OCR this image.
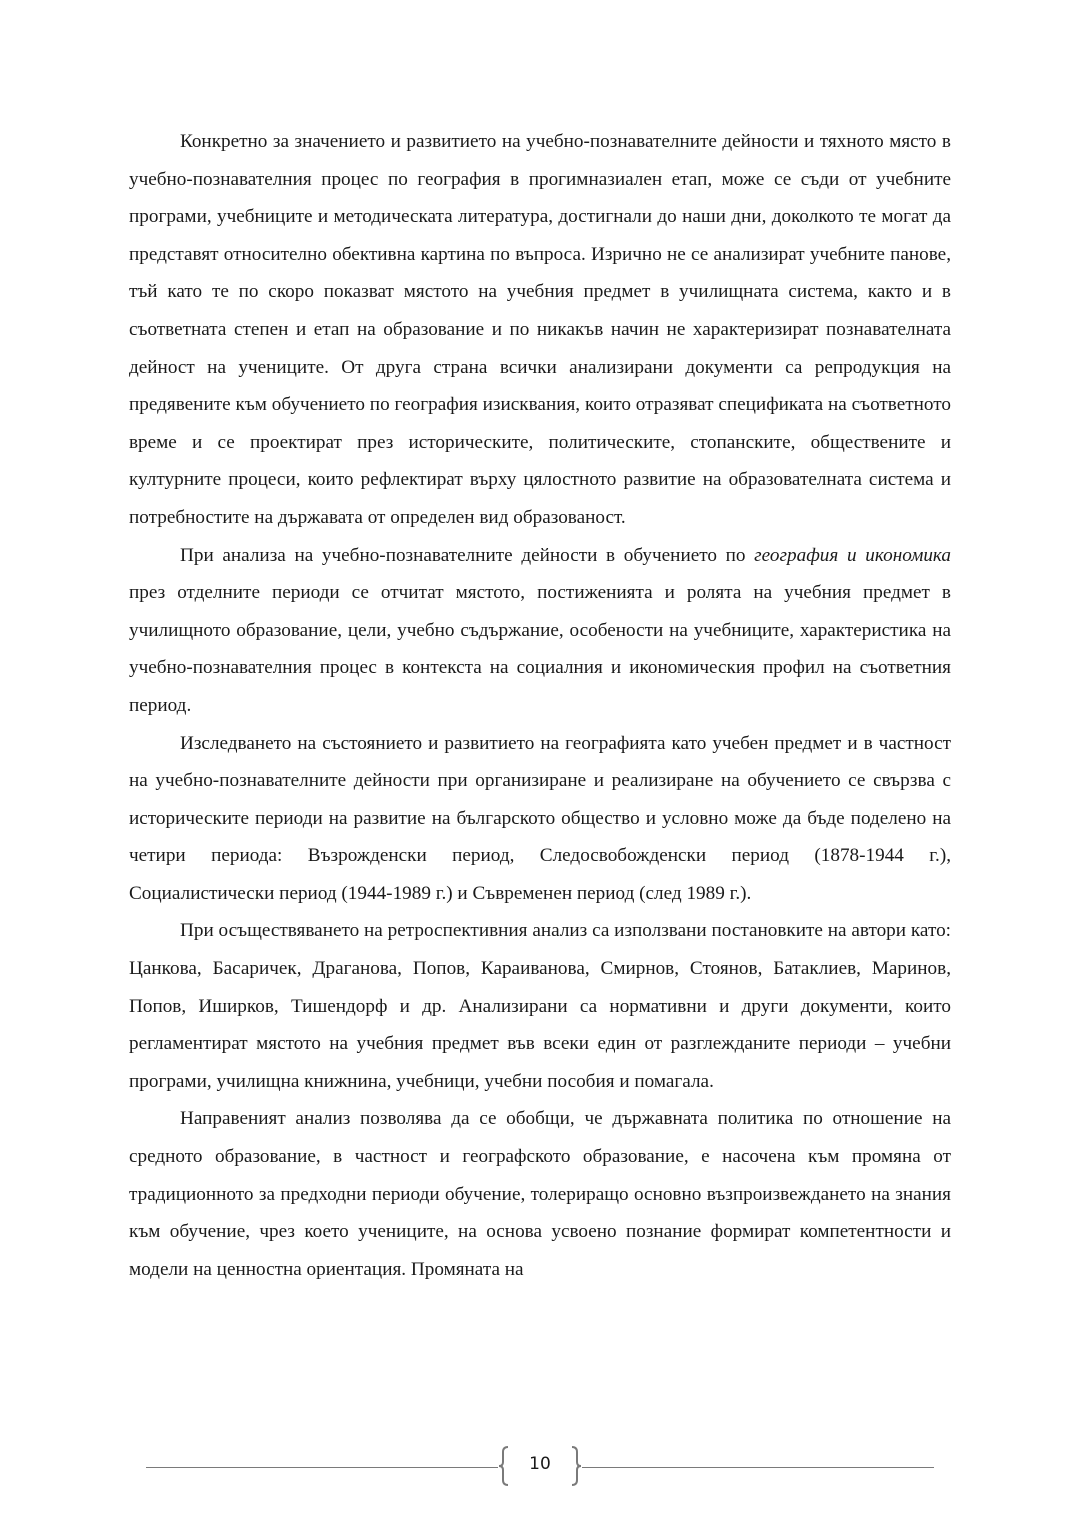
Конкретно за значението и развитието на учебно-познавателните дейности и тяхното място в учебно-познавателния процес по география в прогимназиален етап, може се съди от учебните програми, учебниците и методическата литература, достигнали до наши дни, доколкото те могат да представят относително обективна картина по въпроса. Изрично не се анализират учебните панове, тъй като те по скоро показват мястото на учебния предмет в училищната система, както и в съответната степен и етап на образование и по никакъв начин не характеризират познавателната дейност на учениците. От друга страна всички анализирани документи са репродукция на предявените към обучението по география изисквания, които отразяват спецификата на съответното време и се проектират през историческите, политическите, стопанските, обществените и културните процеси, които рефлектират върху цялостното развитие на образователната система и потребностите на държавата от определен вид образованост.

При анализа на учебно-познавателните дейности в обучението по география и икономика през отделните периоди се отчитат мястото, постиженията и ролята на учебния предмет в училищното образование, цели, учебно съдържание, особености на учебниците, характеристика на учебно-познавателния процес в контекста на социалния и икономическия профил на съответния период.

Изследването на състоянието и развитието на географията като учебен предмет и в частност на учебно-познавателните дейности при организиране и реализиране на обучението се свързва с историческите периоди на развитие на българското общество и условно може да бъде поделено на четири периода: Възрожденски период, Следосвобожденски период (1878-1944 г.), Социалистически период (1944-1989 г.) и Съвременен период (след 1989 г.).

При осъществяването на ретроспективния анализ са използвани постановките на автори като: Цанкова, Басаричек, Драганова, Попов, Караиванова, Смирнов, Стоянов, Батаклиев, Маринов, Попов, Иширков, Тишендорф и др. Анализирани са нормативни и други документи, които регламентират мястото на учебния предмет във всеки един от разглежданите периоди – учебни програми, училищна книжнина, учебници, учебни пособия и помагала.

Направеният анализ позволява да се обобщи, че държавната политика по отношение на средното образование, в частност и географското образование, е насочена към промяна от традиционното за предходни периоди обучение, толериращо основно възпроизвеждането на знания към обучение, чрез което учениците, на основа усвоено познание формират компетентности и модели на ценностна ориентация. Промяната на

10
